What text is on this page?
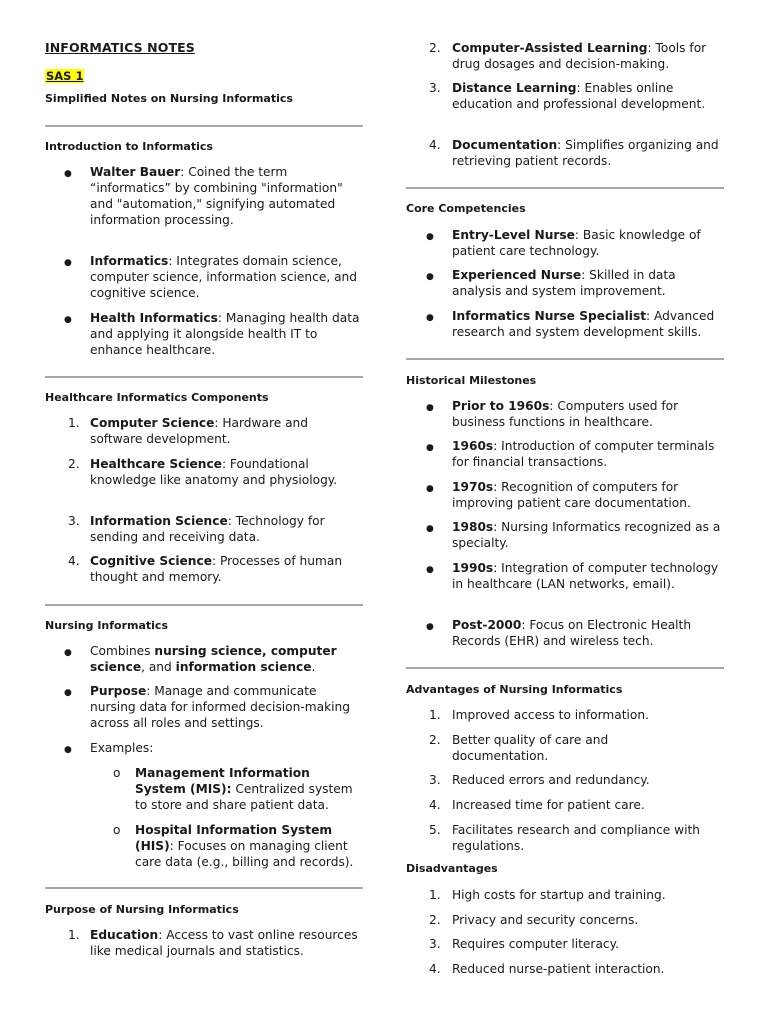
INFORMATICS NOTES
SAS 1
Simplified Notes on Nursing Informatics
Introduction to Informatics
● Walter Bauer: Coined the term “informatics” by combining "information" and "automation," signifying automated information processing.
● Informatics: Integrates domain science, computer science, information science, and cognitive science.
● Health Informatics: Managing health data and applying it alongside health IT to enhance healthcare.
Healthcare Informatics Components
1. Computer Science: Hardware and software development.
2. Healthcare Science: Foundational knowledge like anatomy and physiology.
3. Information Science: Technology for sending and receiving data.
4. Cognitive Science: Processes of human thought and memory.
Nursing Informatics
● Combines nursing science, computer science, and information science.
● Purpose: Manage and communicate nursing data for informed decision-making across all roles and settings.
● Examples:
o Management Information System (MIS): Centralized system to store and share patient data.
o Hospital Information System (HIS): Focuses on managing client care data (e.g., billing and records).
Purpose of Nursing Informatics
1. Education: Access to vast online resources like medical journals and statistics.
2. Computer-Assisted Learning: Tools for drug dosages and decision-making.
3. Distance Learning: Enables online education and professional development.
4. Documentation: Simplifies organizing and retrieving patient records.
Core Competencies
● Entry-Level Nurse: Basic knowledge of patient care technology.
● Experienced Nurse: Skilled in data analysis and system improvement.
● Informatics Nurse Specialist: Advanced research and system development skills.
Historical Milestones
● Prior to 1960s: Computers used for business functions in healthcare.
● 1960s: Introduction of computer terminals for financial transactions.
● 1970s: Recognition of computers for improving patient care documentation.
● 1980s: Nursing Informatics recognized as a specialty.
● 1990s: Integration of computer technology in healthcare (LAN networks, email).
● Post-2000: Focus on Electronic Health Records (EHR) and wireless tech.
Advantages of Nursing Informatics
1. Improved access to information.
2. Better quality of care and documentation.
3. Reduced errors and redundancy.
4. Increased time for patient care.
5. Facilitates research and compliance with regulations.
Disadvantages
1. High costs for startup and training.
2. Privacy and security concerns.
3. Requires computer literacy.
4. Reduced nurse-patient interaction.
